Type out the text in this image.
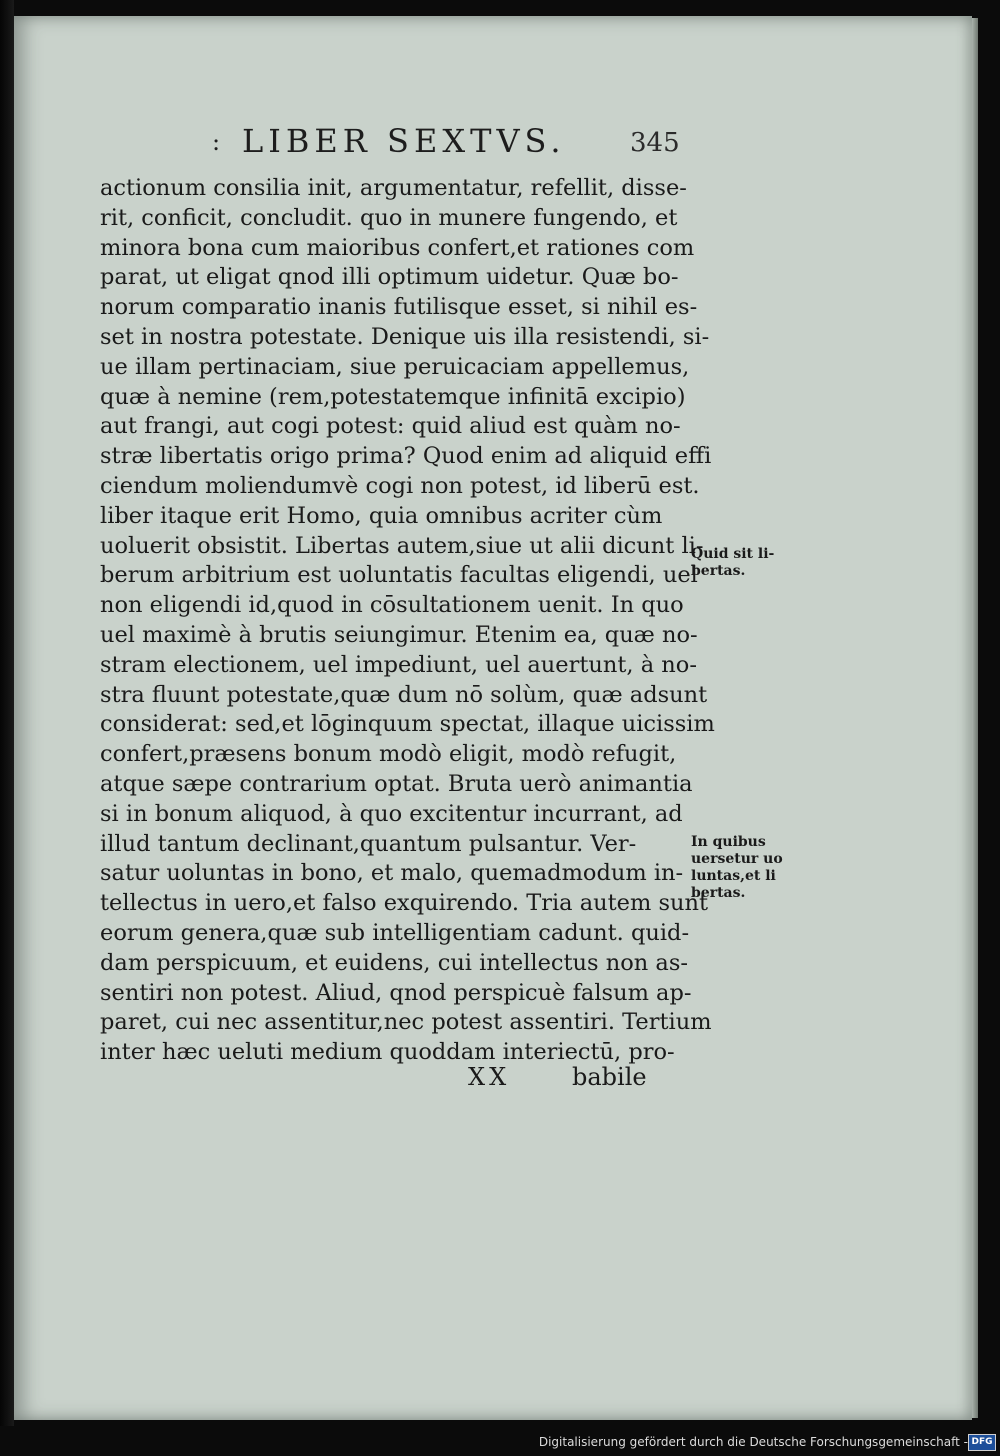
: LIBER SEXTVS. 345
actionum consilia init, argumentatur, refellit, disse-
rit, conficit, concludit. quo in munere fungendo, et
minora bona cum maioribus confert,et rationes com
parat, ut eligat qnod illi optimum uidetur. Quæ bo-
norum comparatio inanis futilisque esset, si nihil es-
set in nostra potestate. Denique uis illa resistendi, si-
ue illam pertinaciam, siue peruicaciam appellemus,
quæ à nemine (rem,potestatemque infinitā excipio)
aut frangi, aut cogi potest: quid aliud est quàm no-
stræ libertatis origo prima? Quod enim ad aliquid effi
ciendum moliendumvè cogi non potest, id liberū est.
liber itaque erit Homo, quia omnibus acriter cùm
uoluerit obsistit. Libertas autem,siue ut alii dicunt li-
berum arbitrium est uoluntatis facultas eligendi, uel
non eligendi id,quod in cōsultationem uenit. In quo
uel maximè à brutis seiungimur. Etenim ea, quæ no-
stram electionem, uel impediunt, uel auertunt, à no-
stra fluunt potestate,quæ dum nō solùm, quæ adsunt
considerat: sed,et lōginquum spectat, illaque uicissim
confert,præsens bonum modò eligit, modò refugit,
atque sæpe contrarium optat. Bruta uerò animantia
si in bonum aliquod, à quo excitentur incurrant, ad
illud tantum declinant,quantum pulsantur. Ver-
satur uoluntas in bono, et malo, quemadmodum in-
tellectus in uero,et falso exquirendo. Tria autem sunt
eorum genera,quæ sub intelligentiam cadunt. quid-
dam perspicuum, et euidens, cui intellectus non as-
sentiri non potest. Aliud, qnod perspicuè falsum ap-
paret, cui nec assentitur,nec potest assentiri. Tertium
inter hæc ueluti medium quoddam interiectū, pro-
Quid sit li-
bertas.
In quibus
uersetur uo
luntas,et li
bertas.
XX	babile
Digitalisierung gefördert durch die Deutsche Forschungsgemeinschaft - DFG
